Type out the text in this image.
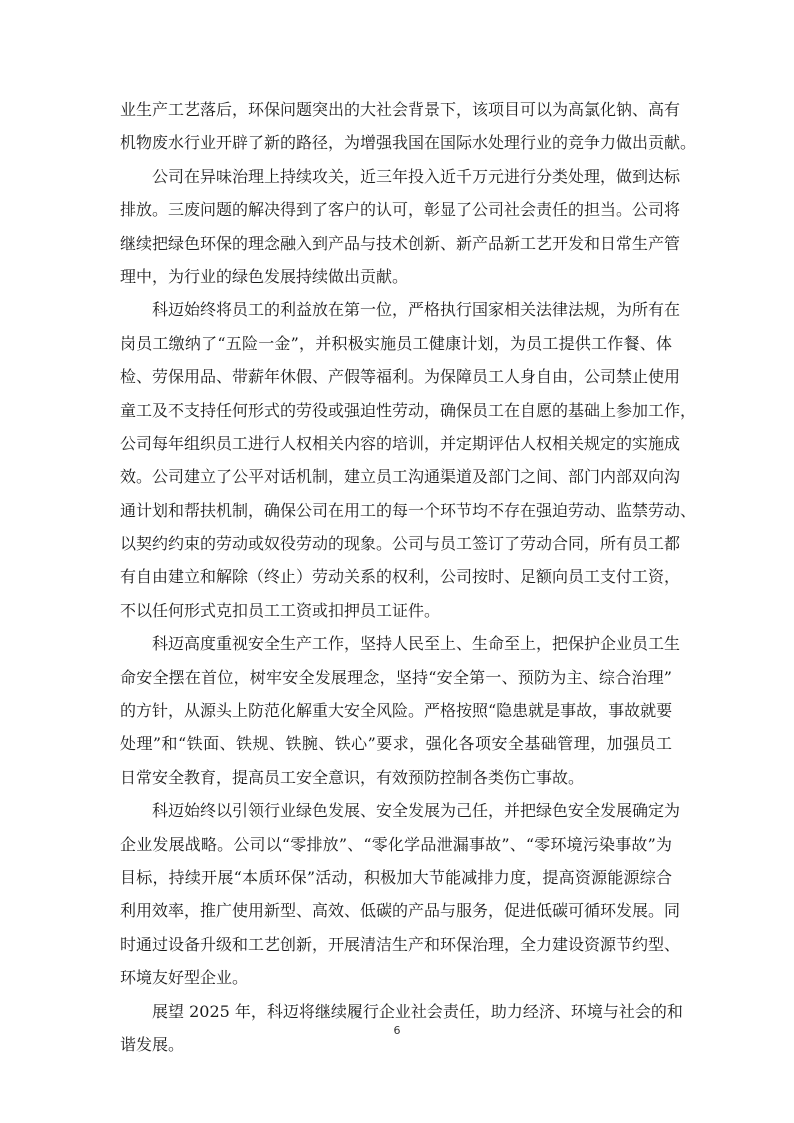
业生产工艺落后，环保问题突出的大社会背景下，该项目可以为高氯化钠、高有
机物废水行业开辟了新的路径，为增强我国在国际水处理行业的竞争力做出贡献。
公司在异味治理上持续攻关，近三年投入近千万元进行分类处理，做到达标
排放。三废问题的解决得到了客户的认可，彰显了公司社会责任的担当。公司将
继续把绿色环保的理念融入到产品与技术创新、新产品新工艺开发和日常生产管
理中，为行业的绿色发展持续做出贡献。
科迈始终将员工的利益放在第一位，严格执行国家相关法律法规，为所有在
岗员工缴纳了“五险一金”，并积极实施员工健康计划，为员工提供工作餐、体
检、劳保用品、带薪年休假、产假等福利。为保障员工人身自由，公司禁止使用
童工及不支持任何形式的劳役或强迫性劳动，确保员工在自愿的基础上参加工作，
公司每年组织员工进行人权相关内容的培训，并定期评估人权相关规定的实施成
效。公司建立了公平对话机制，建立员工沟通渠道及部门之间、部门内部双向沟
通计划和帮扶机制，确保公司在用工的每一个环节均不存在强迫劳动、监禁劳动、
以契约约束的劳动或奴役劳动的现象。公司与员工签订了劳动合同，所有员工都
有自由建立和解除（终止）劳动关系的权利，公司按时、足额向员工支付工资，
不以任何形式克扣员工工资或扣押员工证件。
科迈高度重视安全生产工作，坚持人民至上、生命至上，把保护企业员工生
命安全摆在首位，树牢安全发展理念，坚持“安全第一、预防为主、综合治理”
的方针，从源头上防范化解重大安全风险。严格按照“隐患就是事故，事故就要
处理”和“铁面、铁规、铁腕、铁心”要求，强化各项安全基础管理，加强员工
日常安全教育，提高员工安全意识，有效预防控制各类伤亡事故。
科迈始终以引领行业绿色发展、安全发展为己任，并把绿色安全发展确定为
企业发展战略。公司以“零排放”、“零化学品泄漏事故”、“零环境污染事故”为
目标，持续开展“本质环保”活动，积极加大节能减排力度，提高资源能源综合
利用效率，推广使用新型、高效、低碳的产品与服务，促进低碳可循环发展。同
时通过设备升级和工艺创新，开展清洁生产和环保治理，全力建设资源节约型、
环境友好型企业。
展望 2025 年，科迈将继续履行企业社会责任，助力经济、环境与社会的和
谐发展。
6
